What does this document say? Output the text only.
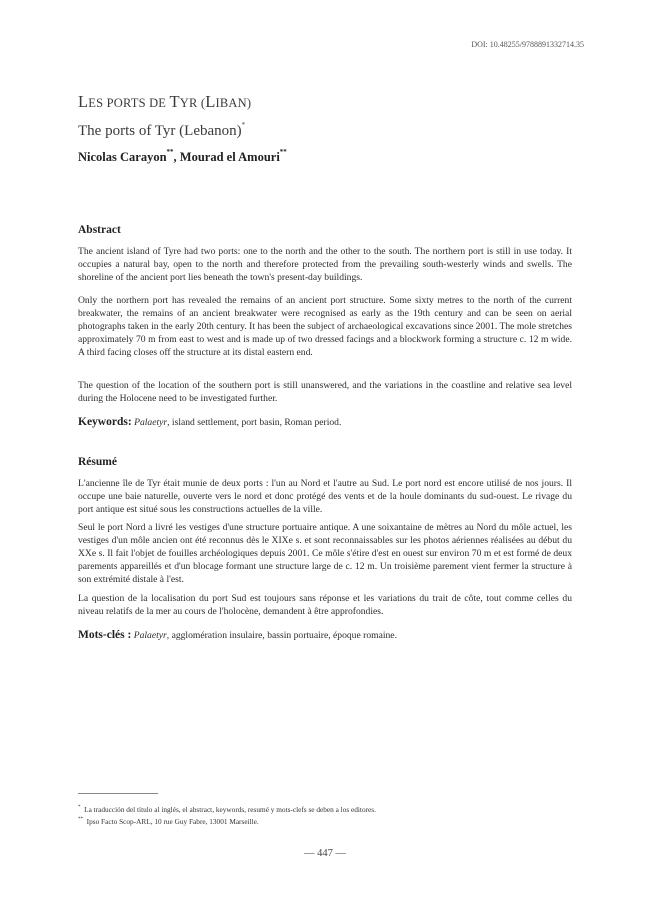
DOI: 10.48255/9788891332714.35
LES PORTS DE TYR (LIBAN)
The ports of Tyr (Lebanon)*
Nicolas Carayon**, Mourad el Amouri**
Abstract

The ancient island of Tyre had two ports: one to the north and the other to the south. The northern port is still in use today. It occupies a natural bay, open to the north and therefore protected from the prevailing south-westerly winds and swells. The shoreline of the ancient port lies beneath the town's present-day buildings.

Only the northern port has revealed the remains of an ancient port structure. Some sixty metres to the north of the current breakwater, the remains of an ancient breakwater were recognised as early as the 19th century and can be seen on aerial photographs taken in the early 20th century. It has been the subject of archaeological excavations since 2001. The mole stretches approximately 70 m from east to west and is made up of two dressed facings and a blockwork forming a structure c. 12 m wide. A third facing closes off the structure at its distal eastern end.

The question of the location of the southern port is still unanswered, and the variations in the coastline and relative sea level during the Holocene need to be investigated further.

Keywords: Palaetyr, island settlement, port basin, Roman period.
Résumé

L'ancienne île de Tyr était munie de deux ports : l'un au Nord et l'autre au Sud. Le port nord est encore utilisé de nos jours. Il occupe une baie naturelle, ouverte vers le nord et donc protégé des vents et de la houle dominants du sud-ouest. Le rivage du port antique est situé sous les constructions actuelles de la ville.

Seul le port Nord a livré les vestiges d'une structure portuaire antique. A une soixantaine de mètres au Nord du môle actuel, les vestiges d'un môle ancien ont été reconnus dès le XIXe s. et sont reconnaissables sur les photos aériennes réalisées au début du XXe s. Il fait l'objet de fouilles archéologiques depuis 2001. Ce môle s'étire d'est en ouest sur environ 70 m et est formé de deux parements appareillés et d'un blocage formant une structure large de c. 12 m. Un troisième parement vient fermer la structure à son extrémité distale à l'est.

La question de la localisation du port Sud est toujours sans réponse et les variations du trait de côte, tout comme celles du niveau relatifs de la mer au cours de l'holocène, demandent à être approfondies.

Mots-clés : Palaetyr, agglomération insulaire, bassin portuaire, époque romaine.
* La traducción del título al inglés, el abstract, keywords, resumé y mots-clefs se deben a los editores.
** Ipso Facto Scop-ARL, 10 rue Guy Fabre, 13001 Marseille.
— 447 —
